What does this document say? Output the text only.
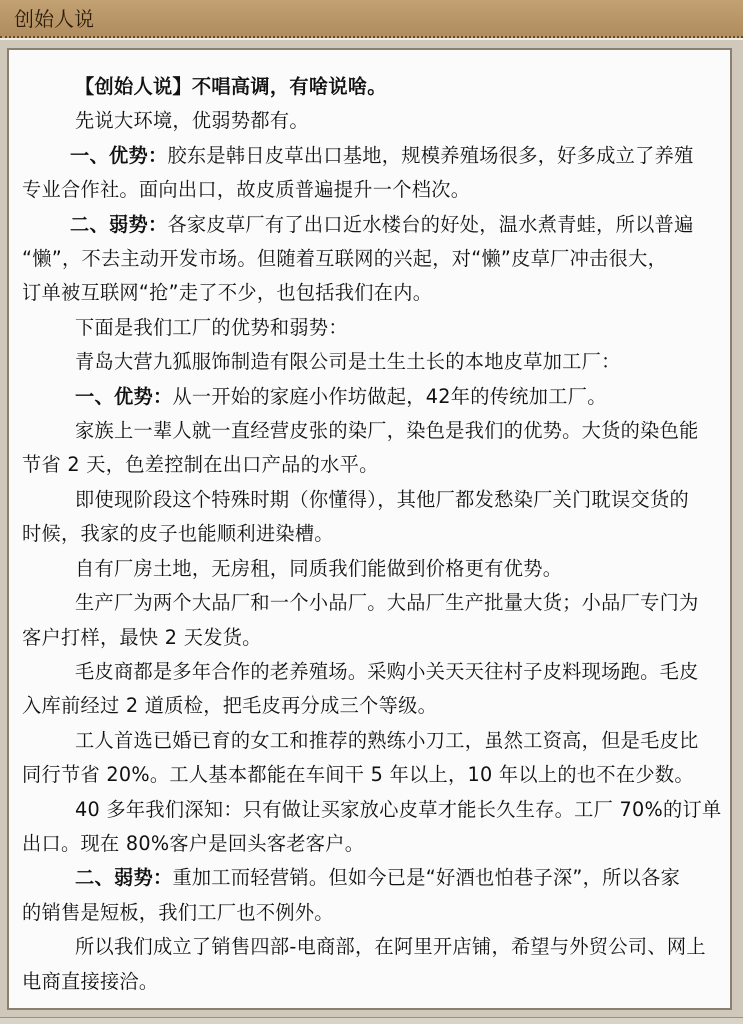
创始人说
【创始人说】不唱高调，有啥说啥。
先说大环境，优弱势都有。
一、优势：胶东是韩日皮草出口基地，规模养殖场很多，好多成立了养殖
专业合作社。面向出口，故皮质普遍提升一个档次。
二、弱势：各家皮草厂有了出口近水楼台的好处，温水煮青蛙，所以普遍
“懒”，不去主动开发市场。但随着互联网的兴起，对“懒”皮草厂冲击很大，
订单被互联网“抢”走了不少，也包括我们在内。
下面是我们工厂的优势和弱势：
青岛大营九狐服饰制造有限公司是土生土长的本地皮草加工厂：
一、优势：从一开始的家庭小作坊做起，42年的传统加工厂。
家族上一辈人就一直经营皮张的染厂，染色是我们的优势。大货的染色能
节省 2 天，色差控制在出口产品的水平。
即使现阶段这个特殊时期（你懂得），其他厂都发愁染厂关门耽误交货的
时候，我家的皮子也能顺利进染槽。
自有厂房土地，无房租，同质我们能做到价格更有优势。
生产厂为两个大品厂和一个小品厂。大品厂生产批量大货；小品厂专门为
客户打样，最快 2 天发货。
毛皮商都是多年合作的老养殖场。采购小关天天往村子皮料现场跑。毛皮
入库前经过 2 道质检，把毛皮再分成三个等级。
工人首选已婚已育的女工和推荐的熟练小刀工，虽然工资高，但是毛皮比
同行节省 20%。工人基本都能在车间干 5 年以上，10 年以上的也不在少数。
40 多年我们深知：只有做让买家放心皮草才能长久生存。工厂 70%的订单
出口。现在 80%客户是回头客老客户。
二、弱势：重加工而轻营销。但如今已是“好酒也怕巷子深”，所以各家
的销售是短板，我们工厂也不例外。
所以我们成立了销售四部-电商部，在阿里开店铺，希望与外贸公司、网上
电商直接接洽。
